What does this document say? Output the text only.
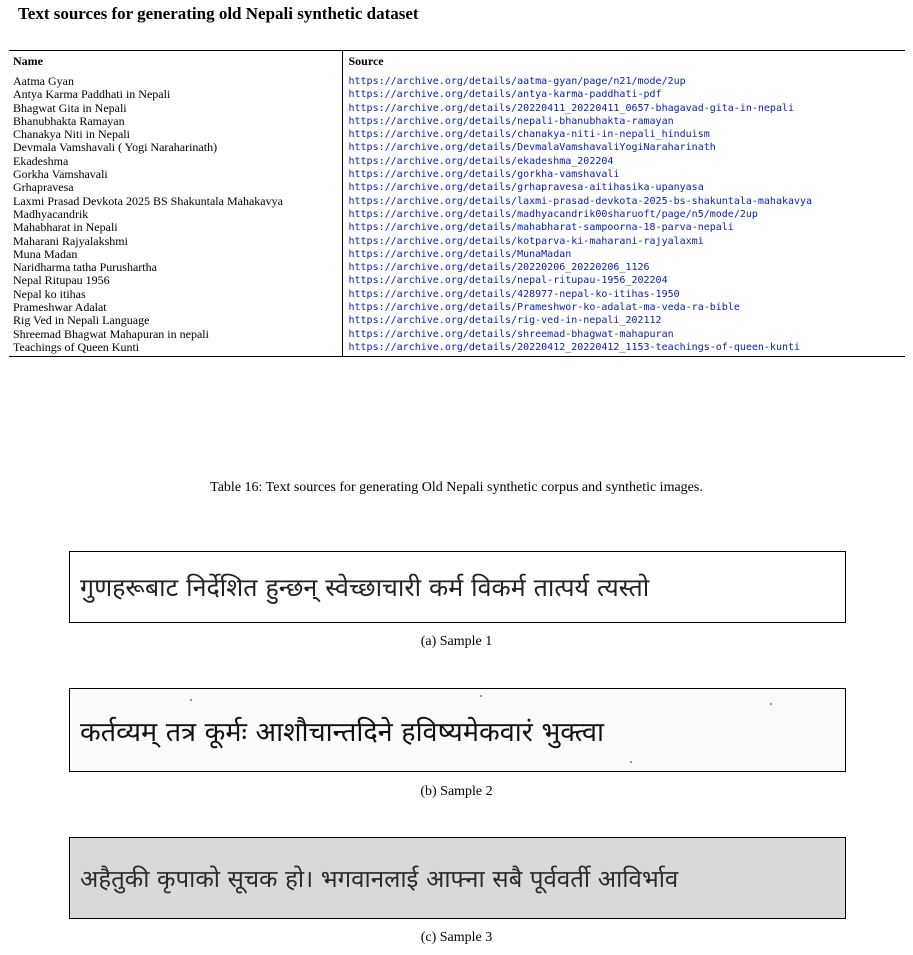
Text sources for generating old Nepali synthetic dataset
Name	Source
Aatma Gyan	https://archive.org/details/aatma-gyan/page/n21/mode/2up
Antya Karma Paddhati in Nepali	https://archive.org/details/antya-karma-paddhati-pdf
Bhagwat Gita in Nepali	https://archive.org/details/20220411_20220411_0657-bhagavad-gita-in-nepali
Bhanubhakta Ramayan	https://archive.org/details/nepali-bhanubhakta-ramayan
Chanakya Niti in Nepali	https://archive.org/details/chanakya-niti-in-nepali_hinduism
Devmala Vamshavali ( Yogi Naraharinath)	https://archive.org/details/DevmalaVamshavaliYogiNaraharinath
Ekadeshma	https://archive.org/details/ekadeshma_202204
Gorkha Vamshavali	https://archive.org/details/gorkha-vamshavali
Grhapravesa	https://archive.org/details/grhapravesa-aitihasika-upanyasa
Laxmi Prasad Devkota 2025 BS Shakuntala Mahakavya	https://archive.org/details/laxmi-prasad-devkota-2025-bs-shakuntala-mahakavya
Madhyacandrik	https://archive.org/details/madhyacandrik00sharuoft/page/n5/mode/2up
Mahabharat in Nepali	https://archive.org/details/mahabharat-sampoorna-18-parva-nepali
Maharani Rajyalakshmi	https://archive.org/details/kotparva-ki-maharani-rajyalaxmi
Muna Madan	https://archive.org/details/MunaMadan
Naridharma tatha Purushartha	https://archive.org/details/20220206_20220206_1126
Nepal Ritupau 1956	https://archive.org/details/nepal-ritupau-1956_202204
Nepal ko itihas	https://archive.org/details/428977-nepal-ko-itihas-1950
Prameshwar Adalat	https://archive.org/details/Prameshwor-ko-adalat-ma-veda-ra-bible
Rig Ved in Nepali Language	https://archive.org/details/rig-ved-in-nepali_202112
Shreemad Bhagwat Mahapuran in nepali	https://archive.org/details/shreemad-bhagwat-mahapuran
Teachings of Queen Kunti	https://archive.org/details/20220412_20220412_1153-teachings-of-queen-kunti
Table 16: Text sources for generating Old Nepali synthetic corpus and synthetic images.
गुणहरूबाट निर्देशित हुन्छन् स्वेच्छाचारी कर्म विकर्म तात्पर्य त्यस्तो
(a) Sample 1
कर्तव्यम् तत्र कूर्मः आशौचान्तदिने हविष्यमेकवारं भुक्त्वा
(b) Sample 2
अहैतुकी कृपाको सूचक हो। भगवानलाई आफ्ना सबै पूर्ववर्ती आविर्भाव
(c) Sample 3
